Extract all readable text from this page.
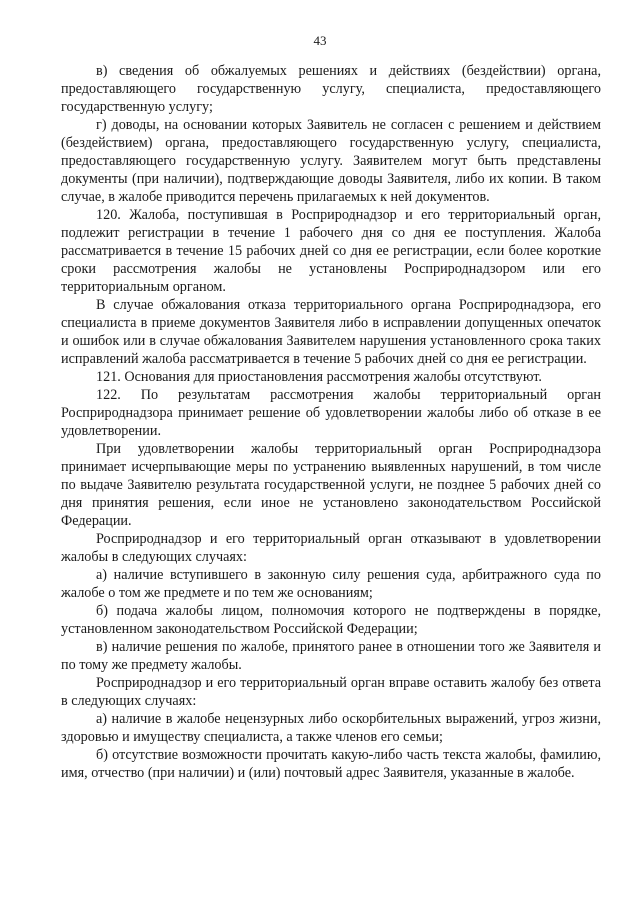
43

в) сведения об обжалуемых решениях и действиях (бездействии) органа, предоставляющего государственную услугу, специалиста, предоставляющего государственную услугу;

г) доводы, на основании которых Заявитель не согласен с решением и действием (бездействием) органа, предоставляющего государственную услугу, специалиста, предоставляющего государственную услугу. Заявителем могут быть представлены документы (при наличии), подтверждающие доводы Заявителя, либо их копии. В таком случае, в жалобе приводится перечень прилагаемых к ней документов.

120. Жалоба, поступившая в Росприроднадзор и его территориальный орган, подлежит регистрации в течение 1 рабочего дня со дня ее поступления. Жалоба рассматривается в течение 15 рабочих дней со дня ее регистрации, если более короткие сроки рассмотрения жалобы не установлены Росприроднадзором или его территориальным органом.

В случае обжалования отказа территориального органа Росприроднадзора, его специалиста в приеме документов Заявителя либо в исправлении допущенных опечаток и ошибок или в случае обжалования Заявителем нарушения установленного срока таких исправлений жалоба рассматривается в течение 5 рабочих дней со дня ее регистрации.

121. Основания для приостановления рассмотрения жалобы отсутствуют.

122. По результатам рассмотрения жалобы территориальный орган Росприроднадзора принимает решение об удовлетворении жалобы либо об отказе в ее удовлетворении.

При удовлетворении жалобы территориальный орган Росприроднадзора принимает исчерпывающие меры по устранению выявленных нарушений, в том числе по выдаче Заявителю результата государственной услуги, не позднее 5 рабочих дней со дня принятия решения, если иное не установлено законодательством Российской Федерации.

Росприроднадзор и его территориальный орган отказывают в удовлетворении жалобы в следующих случаях:

а) наличие вступившего в законную силу решения суда, арбитражного суда по жалобе о том же предмете и по тем же основаниям;

б) подача жалобы лицом, полномочия которого не подтверждены в порядке, установленном законодательством Российской Федерации;

в) наличие решения по жалобе, принятого ранее в отношении того же Заявителя и по тому же предмету жалобы.

Росприроднадзор и его территориальный орган вправе оставить жалобу без ответа в следующих случаях:

а) наличие в жалобе нецензурных либо оскорбительных выражений, угроз жизни, здоровью и имуществу специалиста, а также членов его семьи;

б) отсутствие возможности прочитать какую-либо часть текста жалобы, фамилию, имя, отчество (при наличии) и (или) почтовый адрес Заявителя, указанные в жалобе.
